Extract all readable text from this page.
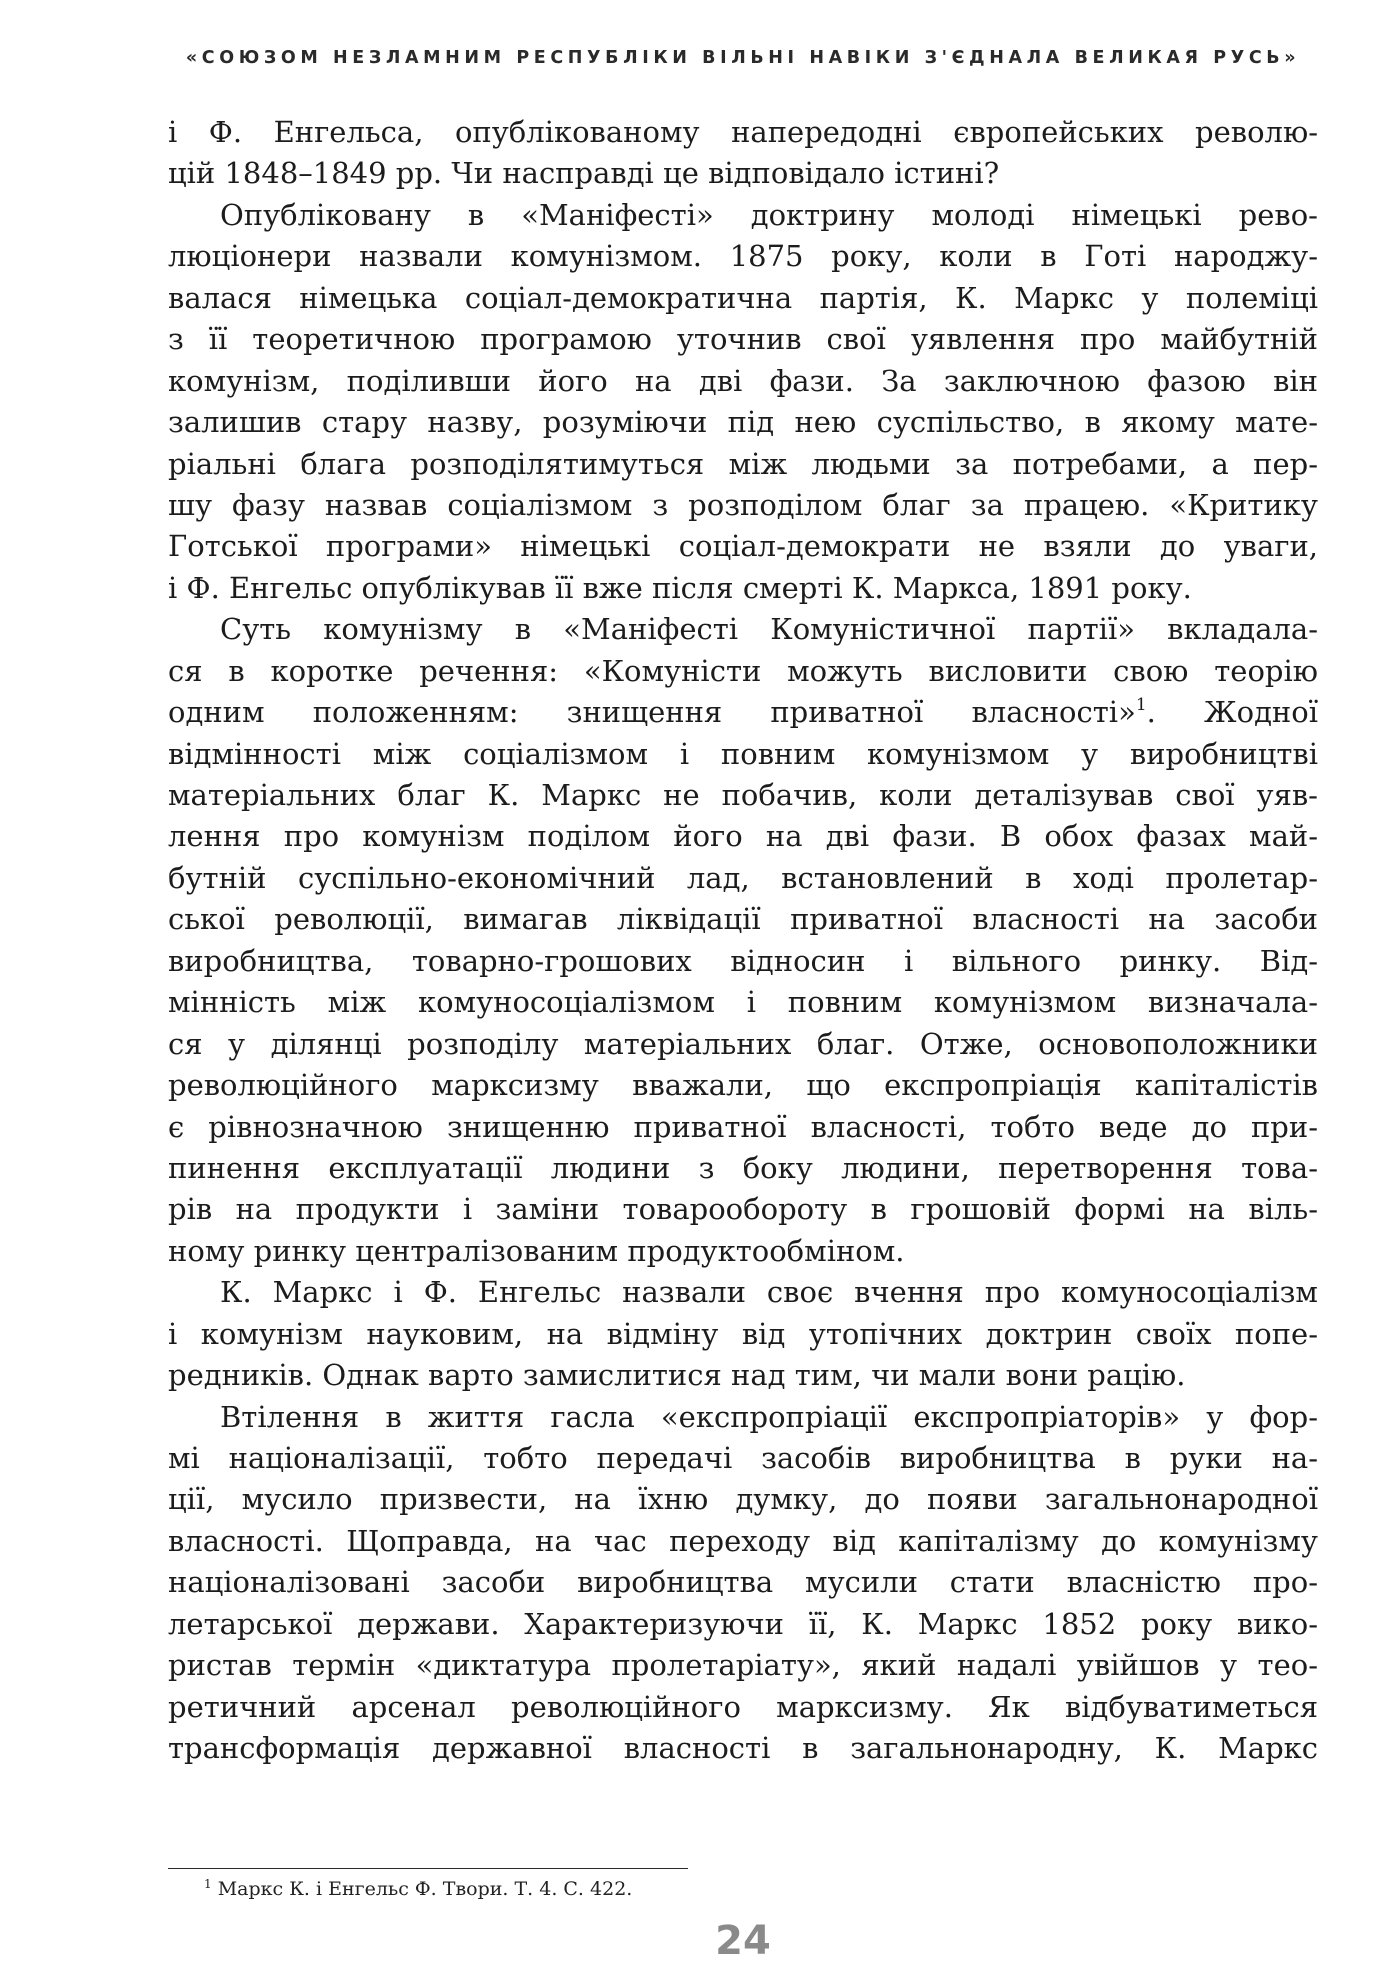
«СОЮЗОМ НЕЗЛАМНИМ РЕСПУБЛІКИ ВІЛЬНІ НАВІКИ З'ЄДНАЛА ВЕЛИКАЯ РУСЬ»
і Ф. Енгельса, опублікованому напередодні європейських револю-
цій 1848–1849 рр. Чи насправді це відповідало істині?
Опубліковану в «Маніфесті» доктрину молоді німецькі рево-
люціонери назвали комунізмом. 1875 року, коли в Готі народжу-
валася німецька соціал-демократична партія, К. Маркс у полеміці
з її теоретичною програмою уточнив свої уявлення про майбутній
комунізм, поділивши його на дві фази. За заключною фазою він
залишив стару назву, розуміючи під нею суспільство, в якому мате-
ріальні блага розподілятимуться між людьми за потребами, а пер-
шу фазу назвав соціалізмом з розподілом благ за працею. «Критику
Готської програми» німецькі соціал-демократи не взяли до уваги,
і Ф. Енгельс опублікував її вже після смерті К. Маркса, 1891 року.
Суть комунізму в «Маніфесті Комуністичної партії» вкладала-
ся в коротке речення: «Комуністи можуть висловити свою теорію
одним положенням: знищення приватної власності»$^1$. Жодної
відмінності між соціалізмом і повним комунізмом у виробництві
матеріальних благ К. Маркс не побачив, коли деталізував свої уяв-
лення про комунізм поділом його на дві фази. В обох фазах май-
бутній суспільно-економічний лад, встановлений в ході пролетар-
ської революції, вимагав ліквідації приватної власності на засоби
виробництва, товарно-грошових відносин і вільного ринку. Від-
мінність між комуносоціалізмом і повним комунізмом визначала-
ся у ділянці розподілу матеріальних благ. Отже, основоположники
революційного марксизму вважали, що експропріація капіталістів
є рівнозначною знищенню приватної власності, тобто веде до при-
пинення експлуатації людини з боку людини, перетворення това-
рів на продукти і заміни товарообороту в грошовій формі на віль-
ному ринку централізованим продуктообміном.
К. Маркс і Ф. Енгельс назвали своє вчення про комуносоціалізм
і комунізм науковим, на відміну від утопічних доктрин своїх попе-
редників. Однак варто замислитися над тим, чи мали вони рацію.
Втілення в життя гасла «експропріації експропріаторів» у фор-
мі націоналізації, тобто передачі засобів виробництва в руки на-
ції, мусило призвести, на їхню думку, до появи загальнонародної
власності. Щоправда, на час переходу від капіталізму до комунізму
націоналізовані засоби виробництва мусили стати власністю про-
летарської держави. Характеризуючи її, К. Маркс 1852 року вико-
ристав термін «диктатура пролетаріату», який надалі увійшов у тео-
ретичний арсенал революційного марксизму. Як відбуватиметься
трансформація державної власності в загальнонародну, К. Маркс
$^1$ Маркс К. і Енгельс Ф. Твори. Т. 4. С. 422.
24
